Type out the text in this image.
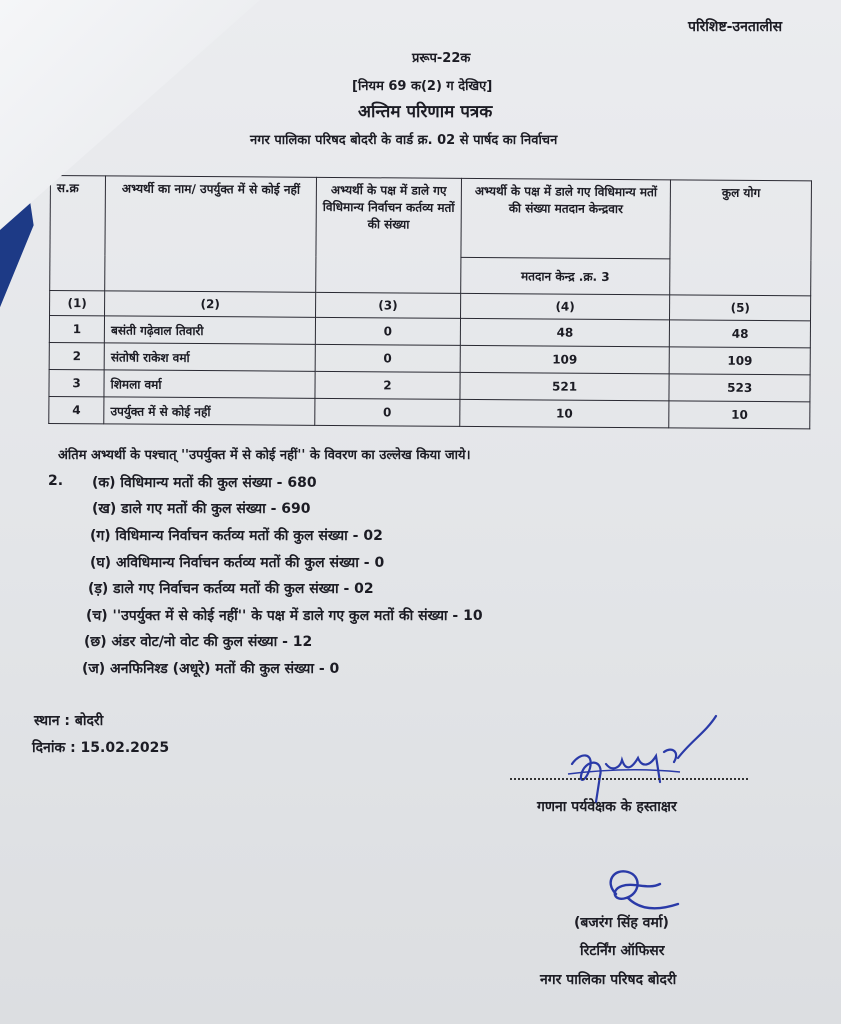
परिशिष्ट-उनतालीस
प्ररूप-22क
[नियम 69 क(2) ग देखिए]
अन्तिम परिणाम पत्रक
नगर पालिका परिषद बोदरी के वार्ड क्र. 02 से पार्षद का निर्वाचन
स.क्र	अभ्यर्थी का नाम/ उपर्युक्त में से कोई नहीं	अभ्यर्थी के पक्ष में डाले गए विधिमान्य निर्वाचन कर्तव्य मतों की संख्या	अभ्यर्थी के पक्ष में डाले गए विधिमान्य मतों की संख्या मतदान केन्द्रवार	कुल योग
			मतदान केन्द्र .क्र. 3	
(1)	(2)	(3)	(4)	(5)
1	बसंती गढ़ेवाल तिवारी	0	48	48
2	संतोषी राकेश वर्मा	0	109	109
3	शिमला वर्मा	2	521	523
4	उपर्युक्त में से कोई नहीं	0	10	10
अंतिम अभ्यर्थी के पश्चात् ''उपर्युक्त में से कोई नहीं'' के विवरण का उल्लेख किया जाये।
2. (क) विधिमान्य मतों की कुल संख्या - 680
(ख) डाले गए मतों की कुल संख्या - 690
(ग) विधिमान्य निर्वाचन कर्तव्य मतों की कुल संख्या - 02
(घ) अविधिमान्य निर्वाचन कर्तव्य मतों की कुल संख्या - 0
(ड़) डाले गए निर्वाचन कर्तव्य मतों की कुल संख्या - 02
(च) ''उपर्युक्त में से कोई नहीं'' के पक्ष में डाले गए कुल मतों की संख्या - 10
(छ) अंडर वोट/नो वोट की कुल संख्या - 12
(ज) अनफिनिश्ड (अधूरे) मतों की कुल संख्या - 0
स्थान : बोदरी
दिनांक : 15.02.2025
गणना पर्यवेक्षक के हस्ताक्षर
(बजरंग सिंह वर्मा)
रिटर्निंग ऑफिसर
नगर पालिका परिषद बोदरी
